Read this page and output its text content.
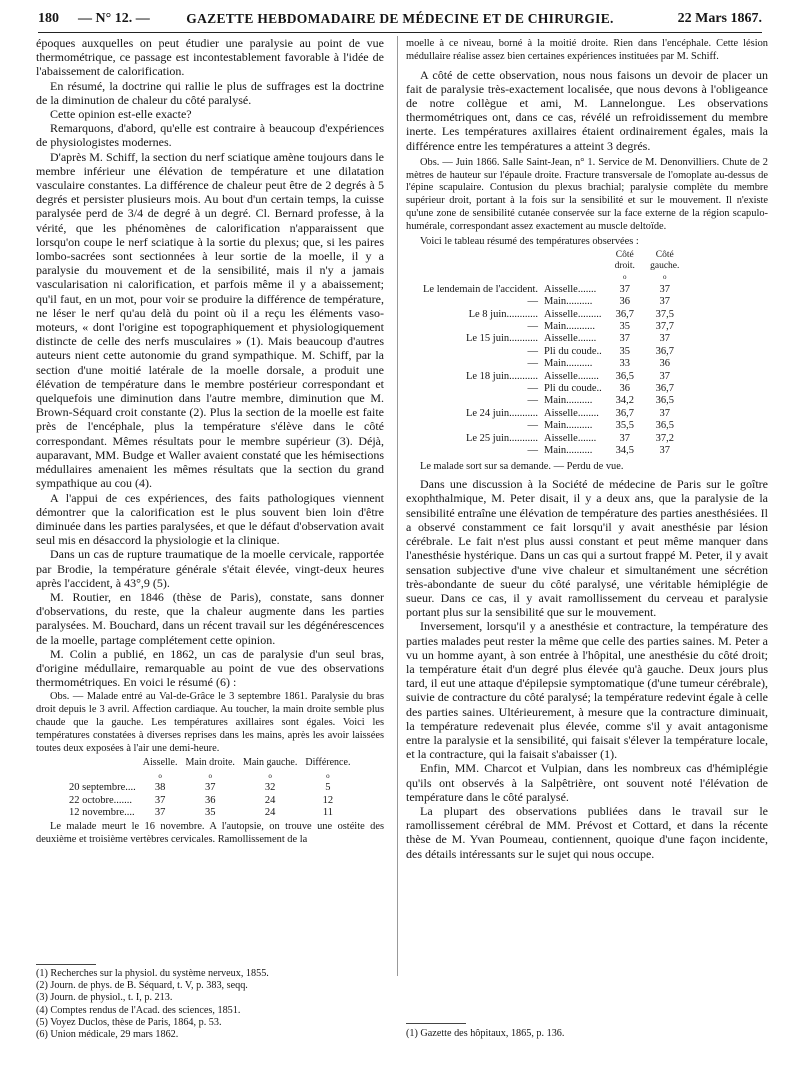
180	— N° 12. —	GAZETTE HEBDOMADAIRE DE MÉDECINE ET DE CHIRURGIE.	22 Mars 1867.

époques auxquelles on peut étudier une paralysie au point de vue thermométrique, ce passage est incontestablement favorable à l'idée de l'abaissement de calorification.

En résumé, la doctrine qui rallie le plus de suffrages est la doctrine de la diminution de chaleur du côté paralysé.

Cette opinion est-elle exacte?

Remarquons, d'abord, qu'elle est contraire à beaucoup d'expériences de physiologistes modernes.

D'après M. Schiff, la section du nerf sciatique amène toujours dans le membre inférieur une élévation de température et une dilatation vasculaire constantes. La différence de chaleur peut être de 2 degrés à 5 degrés et persister plusieurs mois. Au bout d'un certain temps, la cuisse paralysée perd de 3/4 de degré à un degré. Cl. Bernard professe, à la vérité, que les phénomènes de calorification n'apparaissent que lorsqu'on coupe le nerf sciatique à la sortie du plexus; que, si les paires lombo-sacrées sont sectionnées à leur sortie de la moelle, il y a paralysie du mouvement et de la sensibilité, mais il n'y a jamais vascularisation ni calorification, et parfois même il y a abaissement; qu'il faut, en un mot, pour voir se produire la différence de température, ne léser le nerf qu'au delà du point où il a reçu les éléments vaso-moteurs, « dont l'origine est topographiquement et physiologiquement distincte de celle des nerfs musculaires » (1). Mais beaucoup d'autres auteurs nient cette autonomie du grand sympathique. M. Schiff, par la section d'une moitié latérale de la moelle dorsale, a produit une élévation de température dans le membre postérieur correspondant et quelquefois une diminution dans l'autre membre, diminution que M. Brown-Séquard croit constante (2). Plus la section de la moelle est faite près de l'encéphale, plus la température s'élève dans le côté correspondant. Mêmes résultats pour le membre supérieur (3). Déjà, auparavant, MM. Budge et Waller avaient constaté que les hémisections médullaires amenaient les mêmes résultats que la section du grand sympathique au cou (4).

A l'appui de ces expériences, des faits pathologiques viennent démontrer que la calorification est le plus souvent bien loin d'être diminuée dans les parties paralysées, et que le défaut d'observation avait seul mis en désaccord la physiologie et la clinique.

Dans un cas de rupture traumatique de la moelle cervicale, rapportée par Brodie, la température générale s'était élevée, vingt-deux heures après l'accident, à 43°,9 (5).

M. Routier, en 1846 (thèse de Paris), constate, sans donner d'observations, du reste, que la chaleur augmente dans les parties paralysées. M. Bouchard, dans un récent travail sur les dégénérescences de la moelle, partage complétement cette opinion.

M. Colin a publié, en 1862, un cas de paralysie d'un seul bras, d'origine médullaire, remarquable au point de vue des observations thermométriques. En voici le résumé (6) :

Obs. — Malade entré au Val-de-Grâce le 3 septembre 1861. Paralysie du bras droit depuis le 3 avril. Affection cardiaque. Au toucher, la main droite semble plus chaude que la gauche. Les températures axillaires sont égales. Voici les températures constatées à diverses reprises dans les mains, après les avoir laissées toutes deux exposées à l'air une demi-heure.

	Aisselle.	Main droite.	Main gauche.	Différence.
	o	o	o	o
20 septembre....	38	37	32	5
22 octobre.......	37	36	24	12
12 novembre....	37	35	24	11

Le malade meurt le 16 novembre. A l'autopsie, on trouve une ostéite des deuxième et troisième vertèbres cervicales. Ramollissement de la

(1) Recherches sur la physiol. du système nerveux, 1855.
(2) Journ. de phys. de B. Séquard, t. V, p. 383, seqq.
(3) Journ. de physiol., t. I, p. 213.
(4) Comptes rendus de l'Acad. des sciences, 1851.
(5) Voyez Duclos, thèse de Paris, 1864, p. 53.
(6) Union médicale, 29 mars 1862.

moelle à ce niveau, borné à la moitié droite. Rien dans l'encéphale. Cette lésion médullaire réalise assez bien certaines expériences instituées par M. Schiff.

A côté de cette observation, nous nous faisons un devoir de placer un fait de paralysie très-exactement localisée, que nous devons à l'obligeance de notre collègue et ami, M. Lannelongue. Les observations thermométriques ont, dans ce cas, révélé un refroidissement du membre inerte. Les températures axillaires étaient ordinairement égales, mais la différence entre les températures a atteint 3 degrés.

Obs. — Juin 1866. Salle Saint-Jean, n° 1. Service de M. Denonvilliers. Chute de 2 mètres de hauteur sur l'épaule droite. Fracture transversale de l'omoplate au-dessus de l'épine scapulaire. Contusion du plexus brachial; paralysie complète du membre supérieur droit, portant à la fois sur la sensibilité et sur le mouvement. Il n'existe qu'une zone de sensibilité cutanée conservée sur la face externe de la région scapulo-humérale, correspondant assez exactement au muscle deltoïde.

Voici le tableau résumé des températures observées :

		Côté droit.	Côté gauche.
		o	o
Le lendemain de l'accident.	Aisselle.......	37	37
—	Main..........	36	37
Le 8 juin............	Aisselle.........	36,7	37,5
—	Main...........	35	37,7
Le 15 juin...........	Aisselle.......	37	37
—	Pli du coude..	35	36,7
—	Main..........	33	36
Le 18 juin...........	Aisselle........	36,5	37
—	Pli du coude..	36	36,7
—	Main..........	34,2	36,5
Le 24 juin...........	Aisselle........	36,7	37
—	Main..........	35,5	36,5
Le 25 juin...........	Aisselle.......	37	37,2
—	Main..........	34,5	37

Le malade sort sur sa demande. — Perdu de vue.

Dans une discussion à la Société de médecine de Paris sur le goître exophthalmique, M. Peter disait, il y a deux ans, que la paralysie de la sensibilité entraîne une élévation de température des parties anesthésiées. Il a observé constamment ce fait lorsqu'il y avait anesthésie par lésion cérébrale. Le fait n'est plus aussi constant et peut même manquer dans l'anesthésie hystérique. Dans un cas qui a surtout frappé M. Peter, il y avait sensation subjective d'une vive chaleur et simultanément une sécrétion très-abondante de sueur du côté paralysé, une véritable hémiplégie de sueur. Dans ce cas, il y avait ramollissement du cerveau et paralysie portant plus sur la sensibilité que sur le mouvement.

Inversement, lorsqu'il y a anesthésie et contracture, la température des parties malades peut rester la même que celle des parties saines. M. Peter a vu un homme ayant, à son entrée à l'hôpital, une anesthésie du côté droit; la température était d'un degré plus élevée qu'à gauche. Deux jours plus tard, il eut une attaque d'épilepsie symptomatique (d'une tumeur cérébrale), suivie de contracture du côté paralysé; la température redevint égale à celle des parties saines. Ultérieurement, à mesure que la contracture diminuait, la température redevenait plus élevée, comme s'il y avait antagonisme entre la paralysie et la sensibilité, qui faisait s'élever la température locale, et la contracture, qui la faisait s'abaisser (1).

Enfin, MM. Charcot et Vulpian, dans les nombreux cas d'hémiplégie qu'ils ont observés à la Salpêtrière, ont souvent noté l'élévation de température dans le côté paralysé.

La plupart des observations publiées dans le travail sur le ramollissement cérébral de MM. Prévost et Cottard, et dans la récente thèse de M. Yvan Poumeau, contiennent, quoique d'une façon incidente, des détails intéressants sur le sujet qui nous occupe.

(1) Gazette des hôpitaux, 1865, p. 136.
